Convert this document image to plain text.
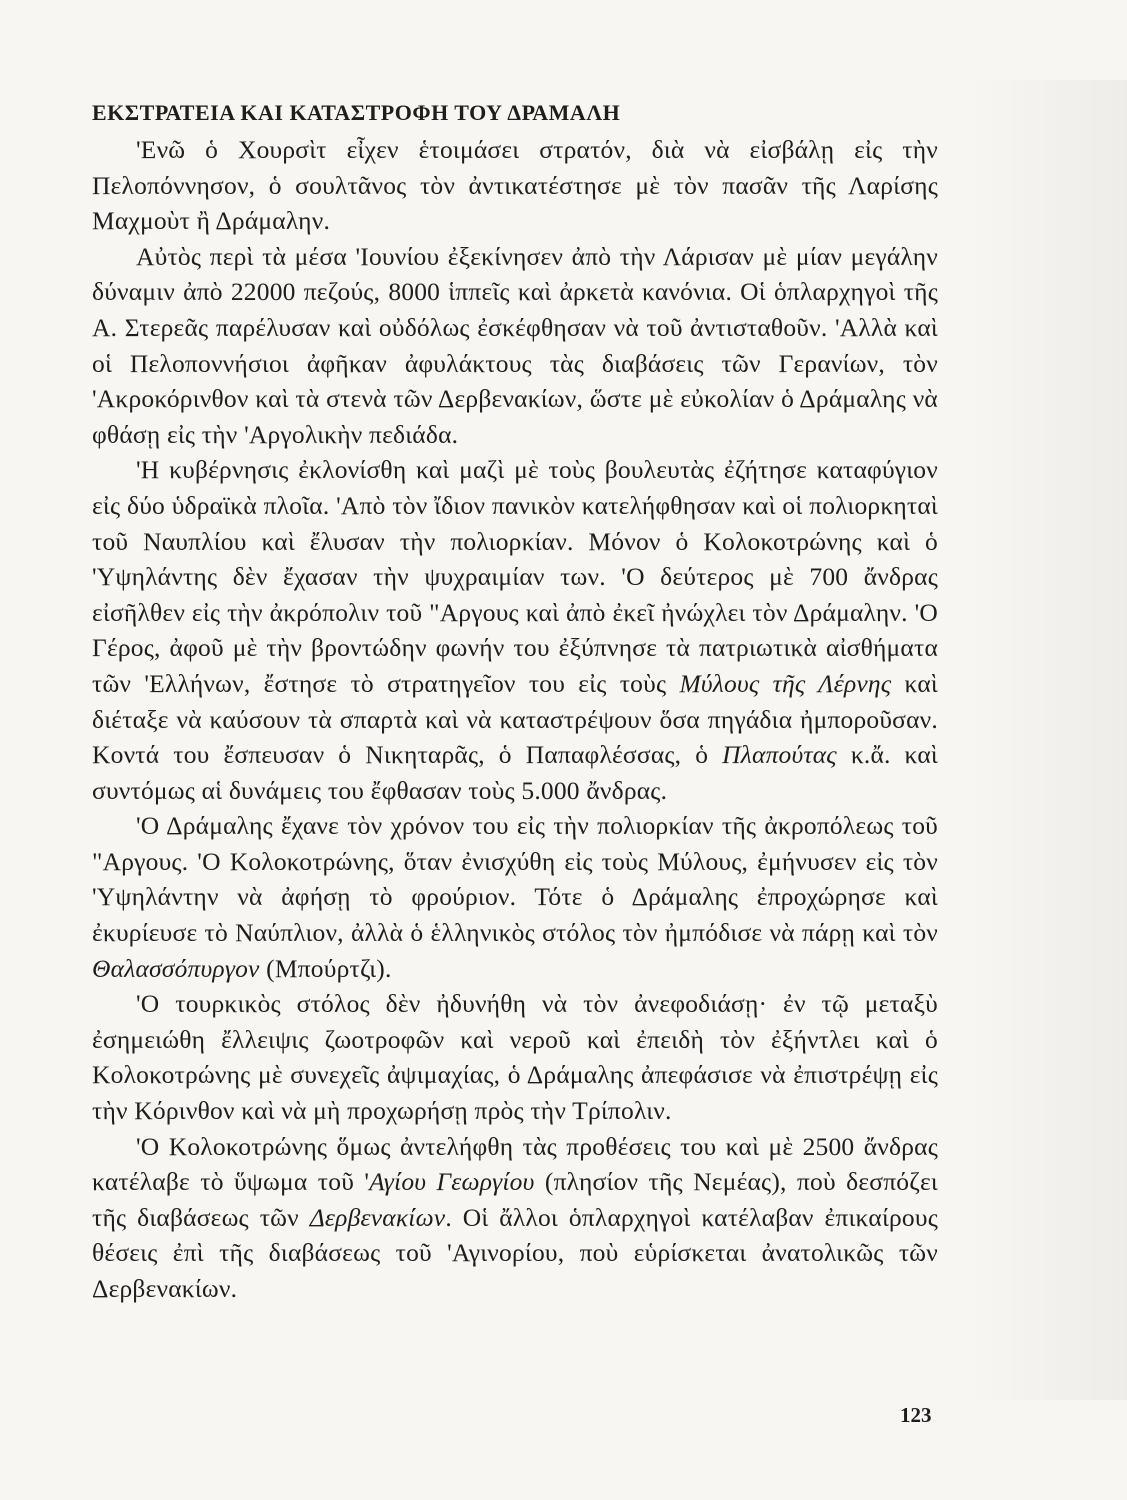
ΕΚΣΤΡΑΤΕΙΑ ΚΑΙ ΚΑΤΑΣΤΡΟΦΗ ΤΟΥ ΔΡΑΜΑΛΗ

'Ενῶ ὁ Χουρσὶτ εἶχεν ἑτοιμάσει στρατόν, διὰ νὰ εἰσβάλῃ εἰς τὴν Πελοπόννησον, ὁ σουλτᾶνος τὸν ἀντικατέστησε μὲ τὸν πασᾶν τῆς Λαρίσης Μαχμοὺτ ἢ Δράμαλην.

Αὐτὸς περὶ τὰ μέσα 'Ιουνίου ἐξεκίνησεν ἀπὸ τὴν Λάρισαν μὲ μίαν μεγάλην δύναμιν ἀπὸ 22000 πεζούς, 8000 ἱππεῖς καὶ ἀρκετὰ κανόνια. Οἱ ὁπλαρχηγοὶ τῆς Α. Στερεᾶς παρέλυσαν καὶ οὐδόλως ἐσκέφθησαν νὰ τοῦ ἀντισταθοῦν. 'Αλλὰ καὶ οἱ Πελοποννήσιοι ἀφῆκαν ἀφυλάκτους τὰς διαβάσεις τῶν Γερανίων, τὸν 'Ακροκόρινθον καὶ τὰ στενὰ τῶν Δερβενακίων, ὥστε μὲ εὐκολίαν ὁ Δράμαλης νὰ φθάσῃ εἰς τὴν 'Αργολικὴν πεδιάδα.

'Η κυβέρνησις ἐκλονίσθη καὶ μαζὶ μὲ τοὺς βουλευτὰς ἐζήτησε καταφύγιον εἰς δύο ὑδραϊκὰ πλοῖα. 'Απὸ τὸν ἴδιον πανικὸν κατελήφθησαν καὶ οἱ πολιορκηταὶ τοῦ Ναυπλίου καὶ ἔλυσαν τὴν πολιορκίαν. Μόνον ὁ Κολοκοτρώνης καὶ ὁ 'Υψηλάντης δὲν ἔχασαν τὴν ψυχραιμίαν των. 'Ο δεύτερος μὲ 700 ἄνδρας εἰσῆλθεν εἰς τὴν ἀκρόπολιν τοῦ "Αργους καὶ ἀπὸ ἐκεῖ ἠνώχλει τὸν Δράμαλην. 'Ο Γέρος, ἀφοῦ μὲ τὴν βροντώδην φωνήν του ἐξύπνησε τὰ πατριωτικὰ αἰσθήματα τῶν 'Ελλήνων, ἔστησε τὸ στρατηγεῖον του εἰς τοὺς Μύλους τῆς Λέρνης καὶ διέταξε νὰ καύσουν τὰ σπαρτὰ καὶ νὰ καταστρέψουν ὅσα πηγάδια ἠμποροῦσαν. Κοντά του ἔσπευσαν ὁ Νικηταρᾶς, ὁ Παπαφλέσσας, ὁ Πλαπούτας κ.ἄ. καὶ συντόμως αἱ δυνάμεις του ἔφθασαν τοὺς 5.000 ἄνδρας.

'Ο Δράμαλης ἔχανε τὸν χρόνον του εἰς τὴν πολιορκίαν τῆς ἀκροπόλεως τοῦ "Αργους. 'Ο Κολοκοτρώνης, ὅταν ἐνισχύθη εἰς τοὺς Μύλους, ἐμήνυσεν εἰς τὸν 'Υψηλάντην νὰ ἀφήσῃ τὸ φρούριον. Τότε ὁ Δράμαλης ἐπροχώρησε καὶ ἐκυρίευσε τὸ Ναύπλιον, ἀλλὰ ὁ ἑλληνικὸς στόλος τὸν ἠμπόδισε νὰ πάρῃ καὶ τὸν Θαλασσόπυργον (Μπούρτζι).

'Ο τουρκικὸς στόλος δὲν ἠδυνήθη νὰ τὸν ἀνεφοδιάσῃ· ἐν τῷ μεταξὺ ἐσημειώθη ἔλλειψις ζωοτροφῶν καὶ νεροῦ καὶ ἐπειδὴ τὸν ἐξήντλει καὶ ὁ Κολοκοτρώνης μὲ συνεχεῖς ἀψιμαχίας, ὁ Δράμαλης ἀπεφάσισε νὰ ἐπιστρέψῃ εἰς τὴν Κόρινθον καὶ νὰ μὴ προχωρήσῃ πρὸς τὴν Τρίπολιν.

'Ο Κολοκοτρώνης ὅμως ἀντελήφθη τὰς προθέσεις του καὶ μὲ 2500 ἄνδρας κατέλαβε τὸ ὕψωμα τοῦ 'Αγίου Γεωργίου (πλησίον τῆς Νεμέας), ποὺ δεσπόζει τῆς διαβάσεως τῶν Δερβενακίων. Οἱ ἄλλοι ὁπλαρχηγοὶ κατέλαβαν ἐπικαίρους θέσεις ἐπὶ τῆς διαβάσεως τοῦ 'Αγινορίου, ποὺ εὑρίσκεται ἀνατολικῶς τῶν Δερβενακίων.

123
